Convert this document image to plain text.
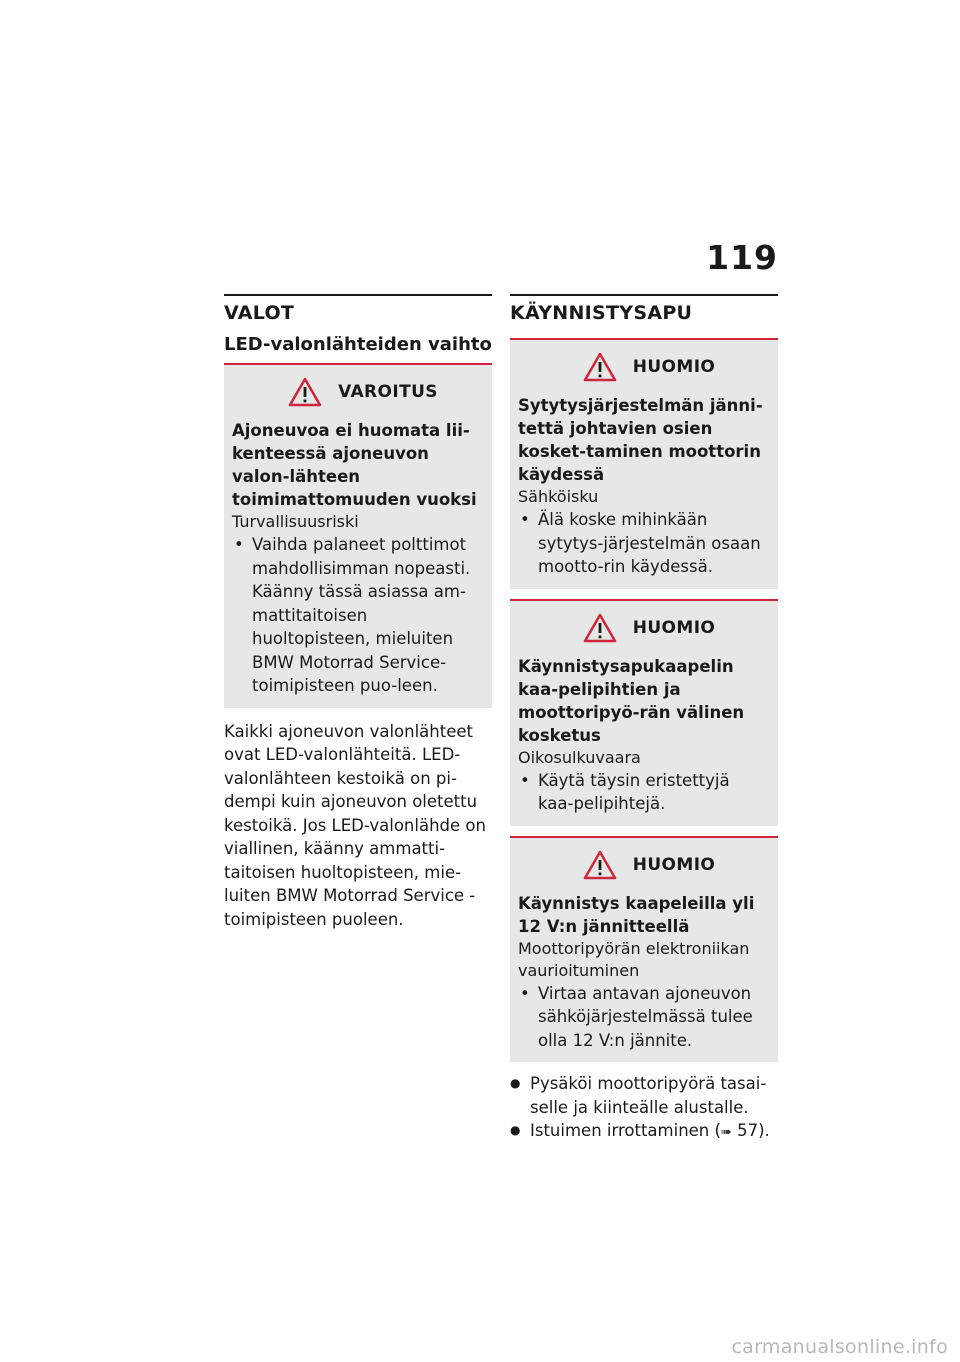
119
VALOT
LED-valonlähteiden vaihto
VAROITUS
Ajoneuvoa ei huomata lii-kenteessä ajoneuvon valon-lähteen toimimattomuuden vuoksi
Turvallisuusriski
• Vaihda palaneet polttimot mahdollisimman nopeasti. Käänny tässä asiassa am-mattitaitoisen huoltopisteen, mieluiten BMW Motorrad Service-toimipisteen puo-leen.
Kaikki ajoneuvon valonlähteet ovat LED-valonlähteitä. LED-valonlähteen kestoikä on pi-dempi kuin ajoneuvon oletettu kestoikä. Jos LED-valonlähde on viallinen, käänny ammatti-taitoisen huoltopisteen, mie-luiten BMW Motorrad Service -toimipisteen puoleen.
KÄYNNISTYSAPU
HUOMIO
Sytytysjärjestelmän jänni-tettä johtavien osien kosket-taminen moottorin käydessä
Sähköisku
• Älä koske mihinkään sytytys-järjestelmän osaan mootto-rin käydessä.
HUOMIO
Käynnistysapukaapelin kaa-pelipihtien ja moottoripyö-rän välinen kosketus
Oikosulkuvaara
• Käytä täysin eristettyjä kaa-pelipihtejä.
HUOMIO
Käynnistys kaapeleilla yli 12 V:n jännitteellä
Moottoripyörän elektroniikan vaurioituminen
• Virtaa antavan ajoneuvon sähköjärjestelmässä tulee olla 12 V:n jännite.
● Pysäköi moottoripyörä tasai-selle ja kiinteälle alustalle.
● Istuimen irrottaminen (➠ 57).
carmanualsonline.info
